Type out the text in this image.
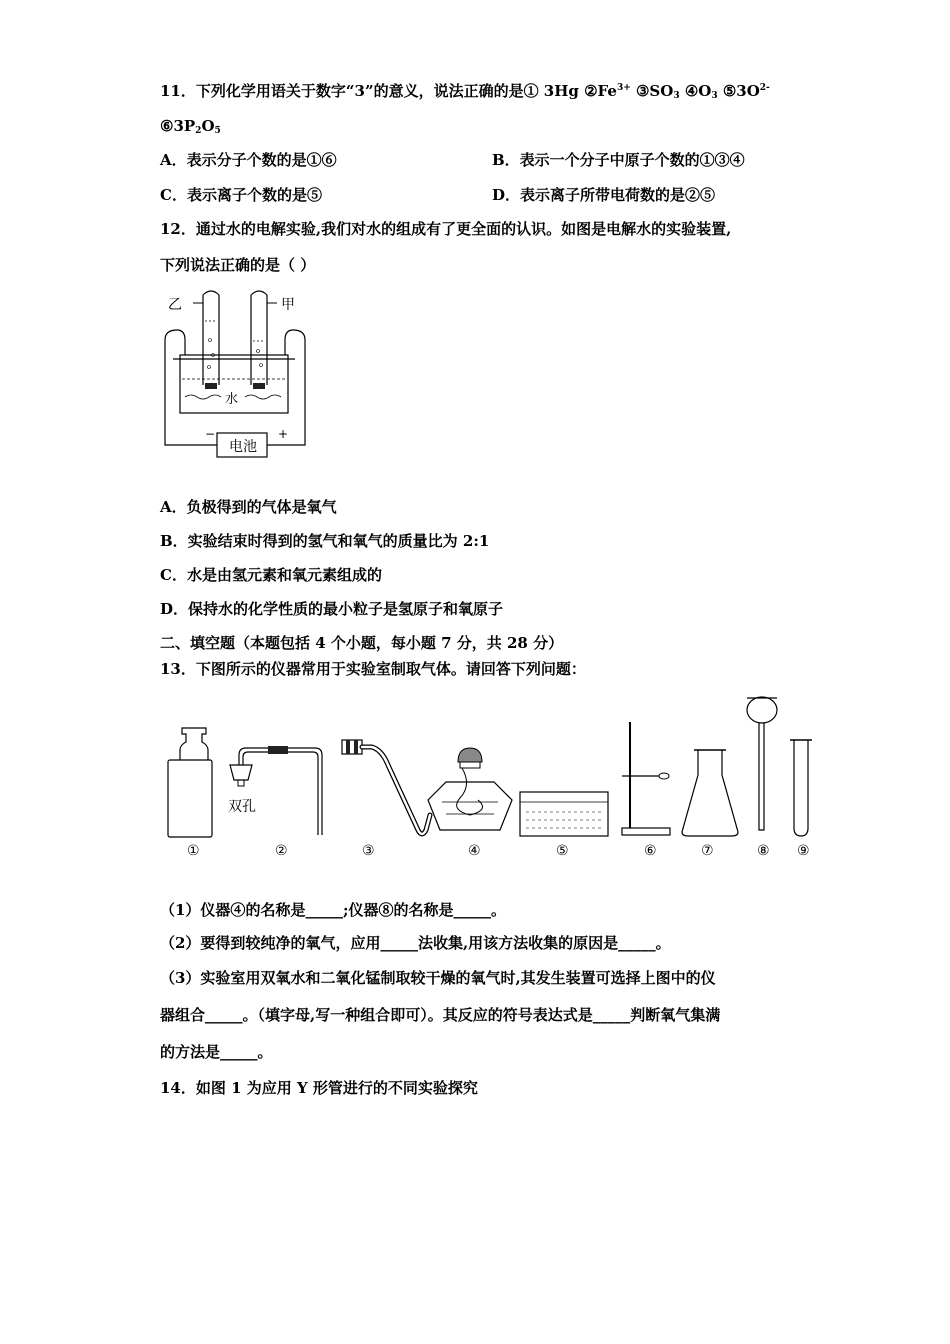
11．下列化学用语关于数字“3”的意义，说法正确的是① 3Hg $②Fe^{3+}$ $③SO_3$ $④O_3$ $⑤3O^{2-}$
$⑥3P_2O_5$
A．表示分子个数的是①⑥	B．表示一个分子中原子个数的①③④
C．表示离子个数的是⑤	D．表示离子所带电荷数的是②⑤
12．通过水的电解实验,我们对水的组成有了更全面的认识。如图是电解水的实验装置,
下列说法正确的是（ ）
乙	甲
水
电池
−	+
A．负极得到的气体是氧气
B．实验结束时得到的氢气和氧气的质量比为 2:1
C．水是由氢元素和氧元素组成的
D．保持水的化学性质的最小粒子是氢原子和氧原子
二、填空题（本题包括 4 个小题，每小题 7 分，共 28 分）
13．下图所示的仪器常用于实验室制取气体。请回答下列问题：
双孔
①	②	③	④	⑤	⑥	⑦	⑧ ⑨
（1）仪器④的名称是_____;仪器⑧的名称是_____。
（2）要得到较纯净的氧气，应用_____法收集,用该方法收集的原因是_____。
（3）实验室用双氧水和二氧化锰制取较干燥的氧气时,其发生装置可选择上图中的仪
器组合_____。（填字母,写一种组合即可）。其反应的符号表达式是_____判断氧气集满
的方法是_____。
14．如图 1 为应用 Y 形管进行的不同实验探究
